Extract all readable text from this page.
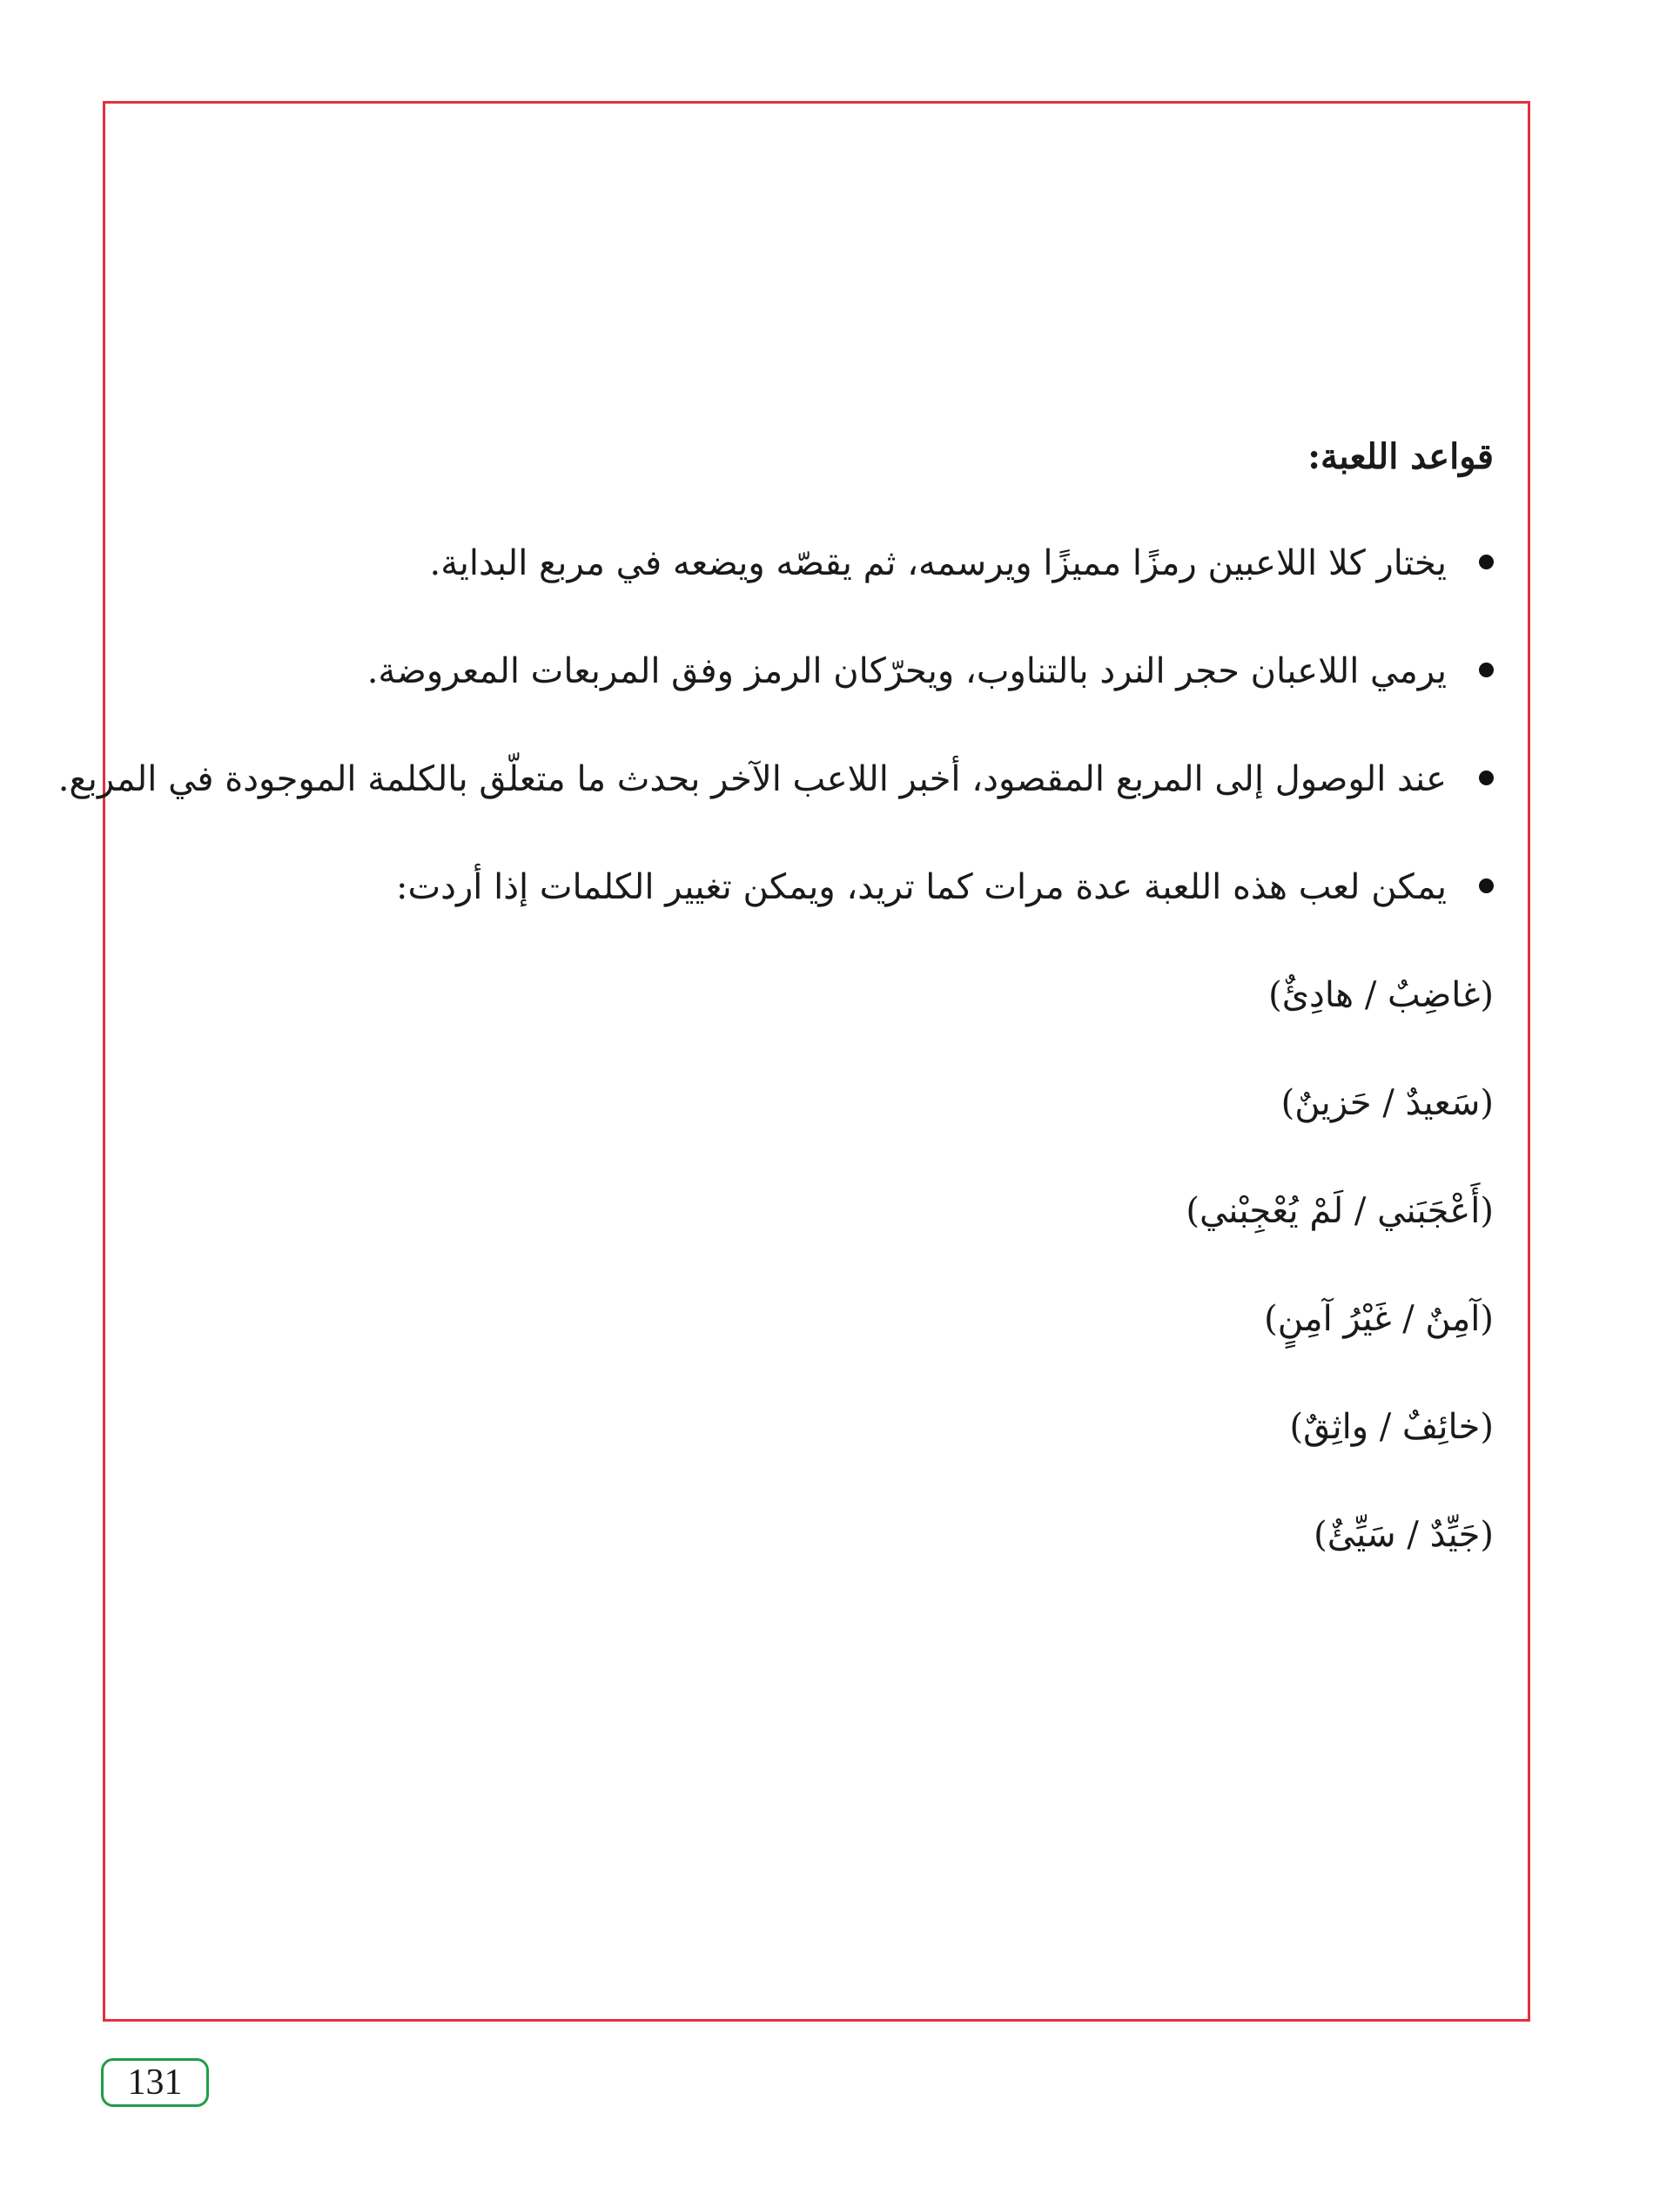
قواعد اللعبة:
يختار كلا اللاعبين رمزًا مميزًا ويرسمه، ثم يقصّه ويضعه في مربع البداية.
يرمي اللاعبان حجر النرد بالتناوب، ويحرّكان الرمز وفق المربعات المعروضة.
عند الوصول إلى المربع المقصود، أخبر اللاعب الآخر بحدث ما متعلّق بالكلمة الموجودة في المربع.
يمكن لعب هذه اللعبة عدة مرات كما تريد، ويمكن تغيير الكلمات إذا أردت:
(غاضِبٌ / هادِئٌ)
(سَعيدٌ / حَزينٌ)
(أَعْجَبَني / لَمْ يُعْجِبْني)
(آمِنٌ / غَيْرُ آمِنٍ)
(خائِفٌ / واثِقٌ)
(جَيِّدٌ / سَيِّئٌ)
131
